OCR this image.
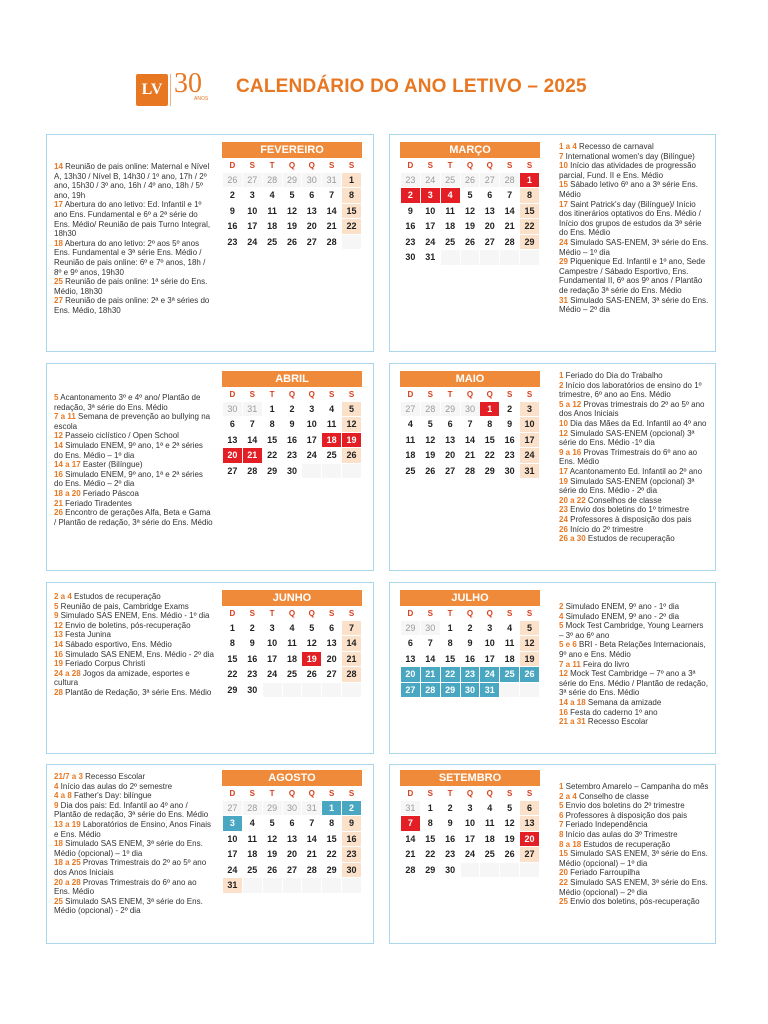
LV 30
ANOS
CALENDÁRIO DO ANO LETIVO – 2025
FEVEREIRO
D	S	T	Q	Q	S	S
26	27	28	29	30	31	1
2	3	4	5	6	7	8
9	10	11	12	13	14	15
16	17	18	19	20	21	22
23	24	25	26	27	28	
MARÇO
D	S	T	Q	Q	S	S
23	24	25	26	27	28	1
2	3	4	5	6	7	8
9	10	11	12	13	14	15
16	17	18	19	20	21	22
23	24	25	26	27	28	29
30	31					
ABRIL
D	S	T	Q	Q	S	S
30	31	1	2	3	4	5
6	7	8	9	10	11	12
13	14	15	16	17	18	19
20	21	22	23	24	25	26
27	28	29	30			
MAIO
D	S	T	Q	Q	S	S
27	28	29	30	1	2	3
4	5	6	7	8	9	10
11	12	13	14	15	16	17
18	19	20	21	22	23	24
25	26	27	28	29	30	31
JUNHO
D	S	T	Q	Q	S	S
1	2	3	4	5	6	7
8	9	10	11	12	13	14
15	16	17	18	19	20	21
22	23	24	25	26	27	28
29	30					
JULHO
D	S	T	Q	Q	S	S
29	30	1	2	3	4	5
6	7	8	9	10	11	12
13	14	15	16	17	18	19
20	21	22	23	24	25	26
27	28	29	30	31		
AGOSTO
D	S	T	Q	Q	S	S
27	28	29	30	31	1	2
3	4	5	6	7	8	9
10	11	12	13	14	15	16
17	18	19	20	21	22	23
24	25	26	27	28	29	30
31						
SETEMBRO
D	S	T	Q	Q	S	S
31	1	2	3	4	5	6
7	8	9	10	11	12	13
14	15	16	17	18	19	20
21	22	23	24	25	26	27
28	29	30				

14 Reunião de pais online: Maternal e Nível A, 13h30 / Nível B, 14h30 / 1º ano, 17h / 2º ano, 15h30 / 3º ano, 16h / 4º ano, 18h / 5º ano, 19h

17 Abertura do ano letivo: Ed. Infantil e 1º ano Ens. Fundamental e 6º a 2ª série do Ens. Médio/ Reunião de pais Turno Integral, 18h30

18 Abertura do ano letivo: 2º aos 5º anos Ens. Fundamental e 3ª série Ens. Médio / Reunião de pais online: 6º e 7º anos, 18h / 8º e 9º anos, 19h30

25 Reunião de pais online: 1ª série do Ens. Médio, 18h30

27 Reunião de pais online: 2ª e 3ª séries do Ens. Médio, 18h30

1 a 4 Recesso de carnaval

7 International women's day (Bilíngue)

10 Início das atividades de progressão parcial, Fund. II e Ens. Médio

15 Sábado letivo 6º ano a 3ª série Ens. Médio

17 Saint Patrick's day (Bilíngue)/ Início dos itinerários optativos do Ens. Médio / Início dos grupos de estudos da 3ª série do Ens. Médio

24 Simulado SAS-ENEM, 3ª série do Ens. Médio – 1º dia

29 Piquenique Ed. Infantil e 1º ano, Sede Campestre / Sábado Esportivo, Ens. Fundamental II, 6º aos 9º anos / Plantão de redação 3ª série do Ens. Médio

31 Simulado SAS-ENEM, 3ª série do Ens. Médio – 2º dia

5 Acantonamento 3º e 4º ano/ Plantão de redação, 3ª série do Ens. Médio

7 a 11 Semana de prevenção ao bullying na escola

12 Passeio ciclístico / Open School

14 Simulado ENEM, 9º ano, 1ª e 2ª séries do Ens. Médio – 1º dia

14 a 17 Easter (Bilíngue)

16 Simulado ENEM, 9º ano, 1ª e 2ª séries do Ens. Médio – 2º dia

18 a 20 Feriado Páscoa

21 Feriado Tiradentes

26 Encontro de gerações Alfa, Beta e Gama / Plantão de redação, 3ª série do Ens. Médio

1 Feriado do Dia do Trabalho

2 Início dos laboratórios de ensino do 1º trimestre, 6º ano ao Ens. Médio

5 a 12 Provas trimestrais do 2º ao 5º ano dos Anos Iniciais

10 Dia das Mães da Ed. Infantil ao 4º ano

12 Simulado SAS-ENEM (opcional) 3ª série do Ens. Médio -1º dia

9 a 16 Provas Trimestrais do 6º ano ao Ens. Médio

17 Acantonamento Ed. Infantil ao 2º ano

19 Simulado SAS-ENEM (opcional) 3ª série do Ens. Médio - 2º dia

20 a 22 Conselhos de classe

23 Envio dos boletins do 1º trimestre

24 Professores à disposição dos pais

26 Início do 2º trimestre

26 a 30 Estudos de recuperação

2 a 4 Estudos de recuperação

5 Reunião de pais, Cambridge Exams

9 Simulado SAS ENEM, Ens. Médio - 1º dia

12 Envio de boletins, pós-recuperação

13 Festa Junina

14 Sábado esportivo, Ens. Médio

16 Simulado SAS ENEM, Ens. Médio - 2º dia

19 Feriado Corpus Christi

24 a 28 Jogos da amizade, esportes e cultura

28 Plantão de Redação, 3ª série Ens. Médio

2 Simulado ENEM, 9º ano - 1º dia

4 Simulado ENEM, 9º ano - 2º dia

5 Mock Test Cambridge, Young Learners – 3º ao 6º ano

5 e 6 BRI - Beta Relações Internacionais, 9º ano e Ens. Médio

7 a 11 Feira do livro

12 Mock Test Cambridge – 7º ano a 3ª série do Ens. Médio / Plantão de redação, 3ª série do Ens. Médio

14 a 18 Semana da amizade

16 Festa do caderno 1º ano

21 a 31 Recesso Escolar

21/7 a 3 Recesso Escolar

4 Início das aulas do 2º semestre

4 a 8 Father's Day: bilíngue

9 Dia dos pais: Ed. Infantil ao 4º ano / Plantão de redação, 3ª série do Ens. Médio

13 a 19 Laboratórios de Ensino, Anos Finais e Ens. Médio

18 Simulado SAS ENEM, 3ª série do Ens. Médio (opcional) – 1º dia

18 a 25 Provas Trimestrais do 2º ao 5º ano dos Anos Iniciais

20 a 28 Provas Trimestrais do 6º ano ao Ens. Médio

25 Simulado SAS ENEM, 3ª série do Ens. Médio (opcional) - 2º dia

1 Setembro Amarelo – Campanha do mês

2 a 4 Conselho de classe

5 Envio dos boletins do 2º trimestre

6 Professores à disposição dos pais

7 Feriado Independência

8 Início das aulas do 3º Trimestre

8 a 18 Estudos de recuperação

15 Simulado SAS ENEM, 3ª série do Ens. Médio (opcional) – 1º dia

20 Feriado Farroupilha

22 Simulado SAS ENEM, 3ª série do Ens. Médio (opcional) – 2º dia

25 Envio dos boletins, pós-recuperação
